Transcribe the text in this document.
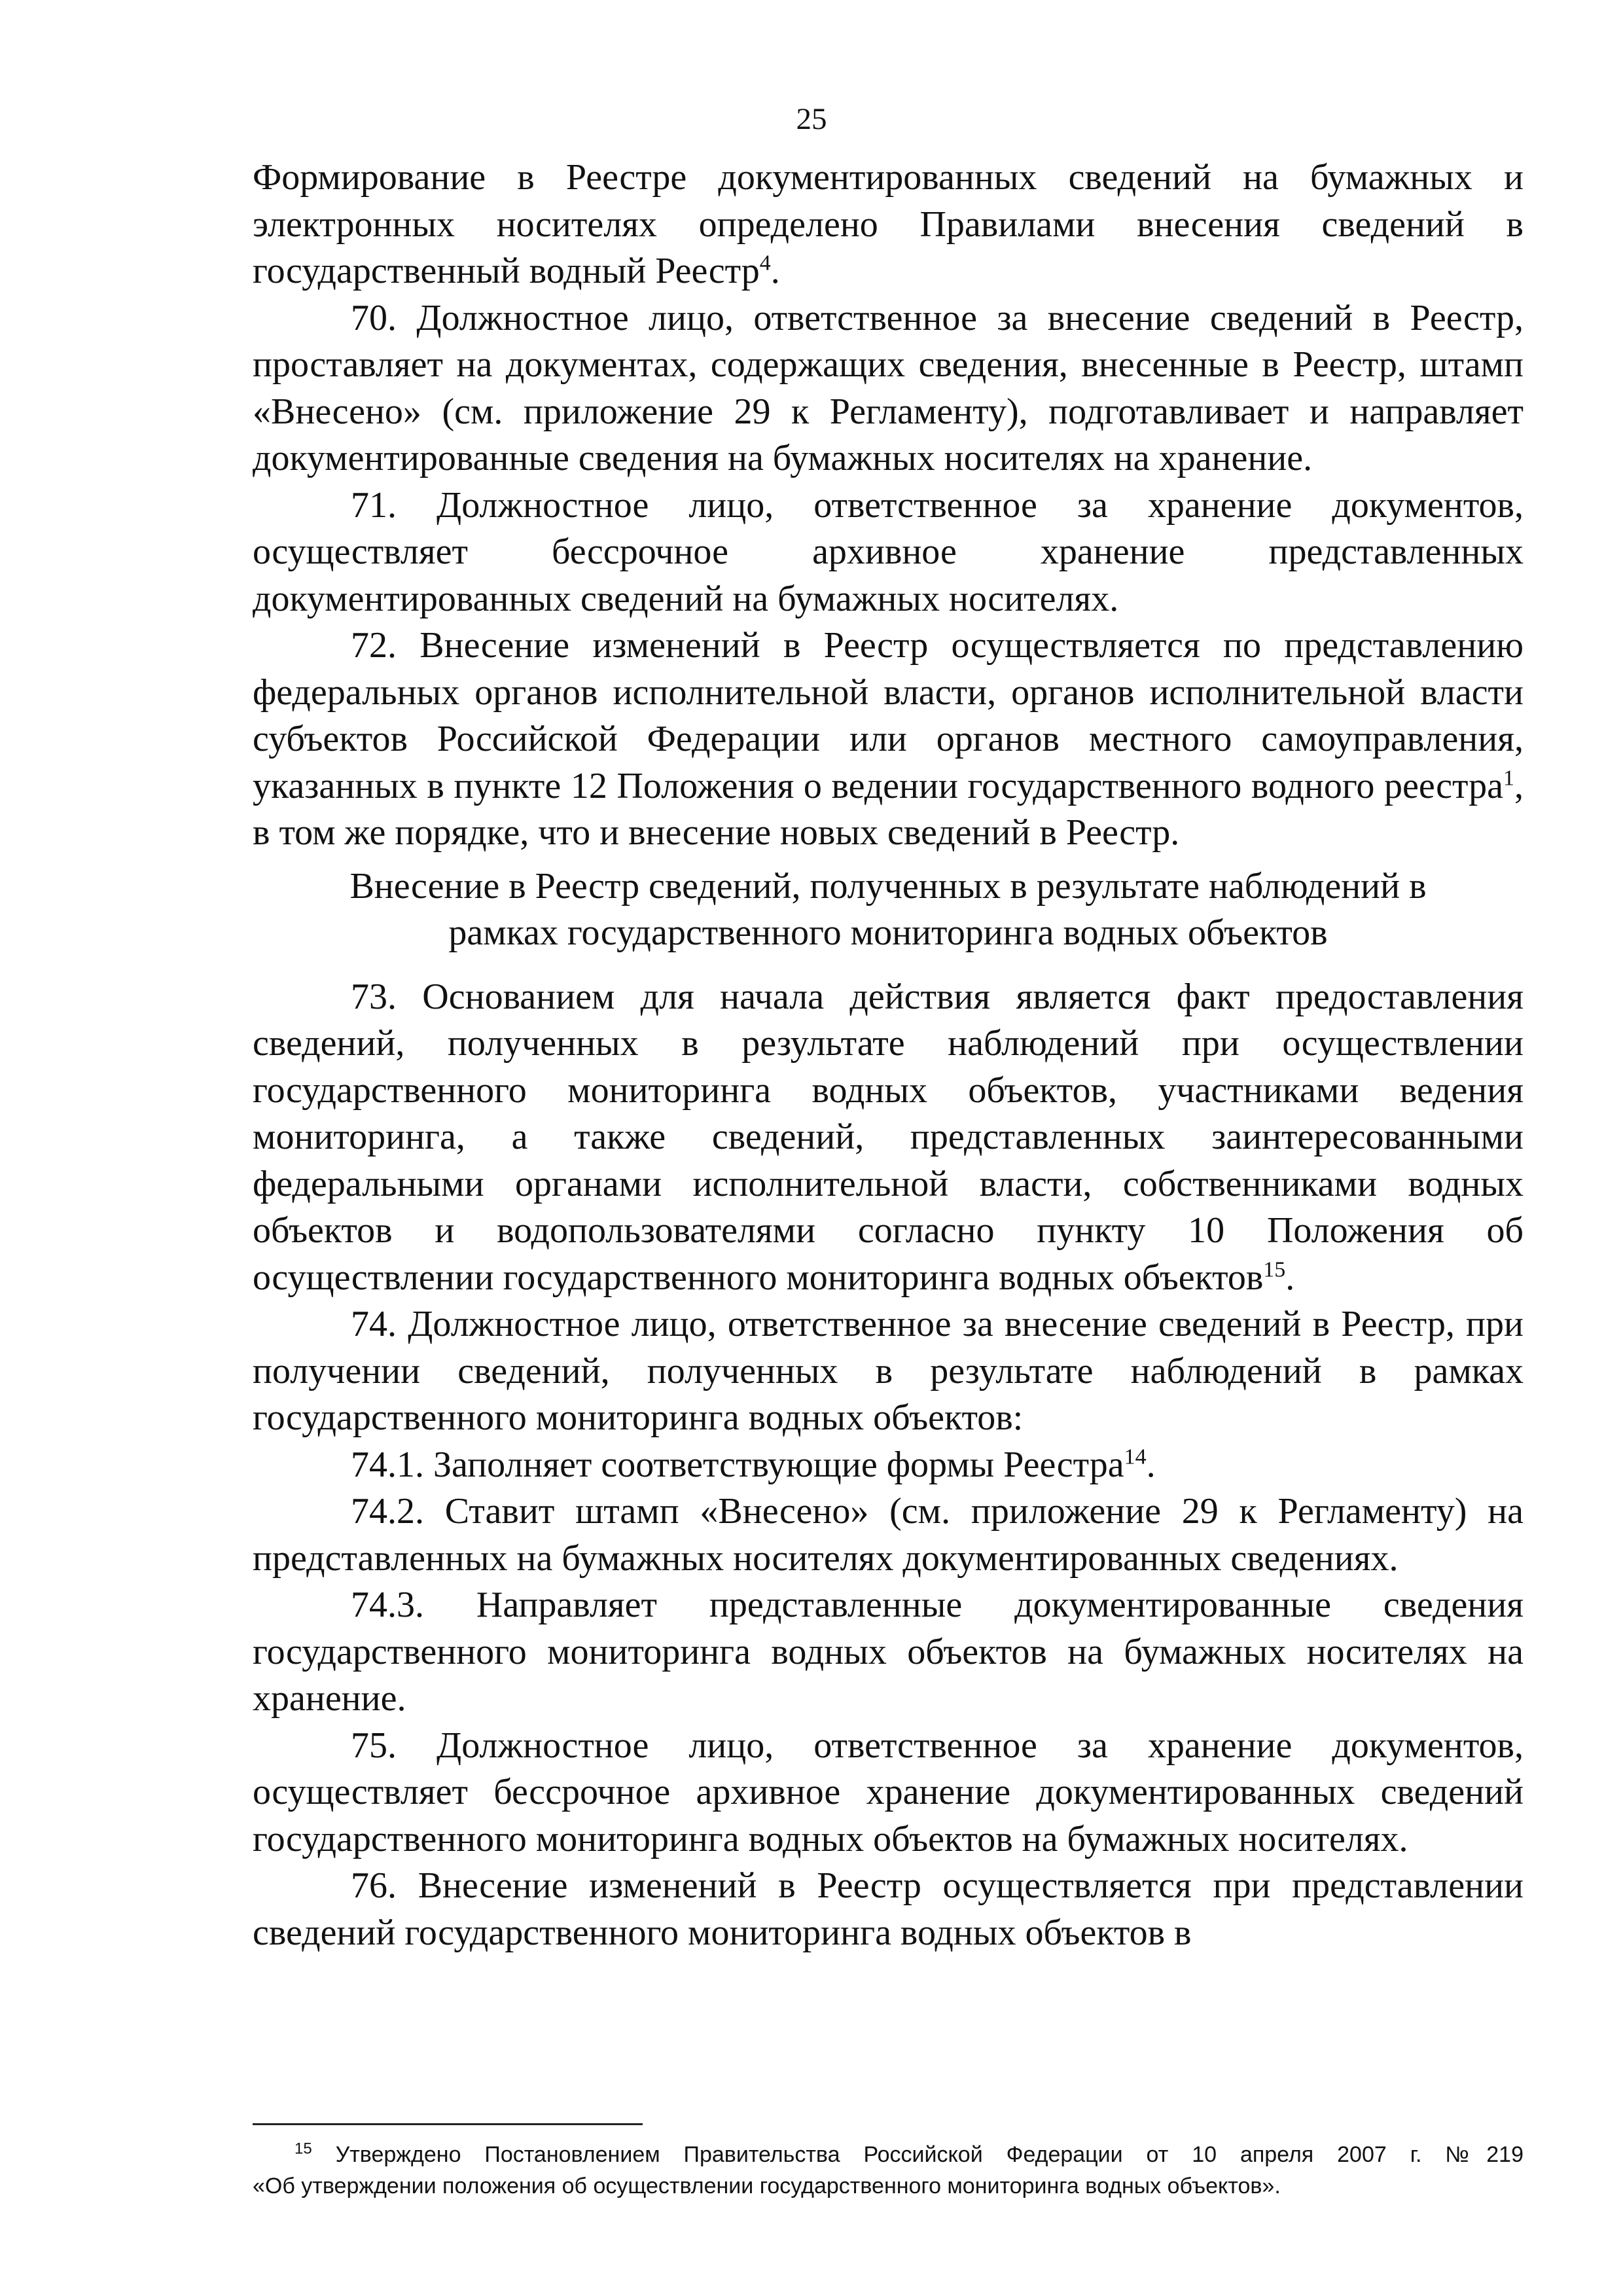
25

Формирование в Реестре документированных сведений на бумажных и электронных носителях определено Правилами внесения сведений в государственный водный Реестр$^4$.

70. Должностное лицо, ответственное за внесение сведений в Реестр, проставляет на документах, содержащих сведения, внесенные в Реестр, штамп «Внесено» (см. приложение 29 к Регламенту), подготавливает и направляет документированные сведения на бумажных носителях на хранение.

71. Должностное лицо, ответственное за хранение документов, осуществляет бессрочное архивное хранение представленных документированных сведений на бумажных носителях.

72. Внесение изменений в Реестр осуществляется по представлению федеральных органов исполнительной власти, органов исполнительной власти субъектов Российской Федерации или органов местного самоуправления, указанных в пункте 12 Положения о ведении государственного водного реестра$^1$, в том же порядке, что и внесение новых сведений в Реестр.

Внесение в Реестр сведений, полученных в результате наблюдений в рамках государственного мониторинга водных объектов

73. Основанием для начала действия является факт предоставления сведений, полученных в результате наблюдений при осуществлении государственного мониторинга водных объектов, участниками ведения мониторинга, а также сведений, представленных заинтересованными федеральными органами исполнительной власти, собственниками водных объектов и водопользователями согласно пункту 10 Положения об осуществлении государственного мониторинга водных объектов$^{15}$.

74. Должностное лицо, ответственное за внесение сведений в Реестр, при получении сведений, полученных в результате наблюдений в рамках государственного мониторинга водных объектов:

74.1. Заполняет соответствующие формы Реестра$^{14}$.

74.2. Ставит штамп «Внесено» (см. приложение 29 к Регламенту) на представленных на бумажных носителях документированных сведениях.

74.3. Направляет представленные документированные сведения государственного мониторинга водных объектов на бумажных носителях на хранение.

75. Должностное лицо, ответственное за хранение документов, осуществляет бессрочное архивное хранение документированных сведений государственного мониторинга водных объектов на бумажных носителях.

76. Внесение изменений в Реестр осуществляется при представлении сведений государственного мониторинга водных объектов в

$^{15}$ Утверждено Постановлением Правительства Российской Федерации от 10 апреля 2007 г. №219

«Об утверждении положения об осуществлении государственного мониторинга водных объектов».
